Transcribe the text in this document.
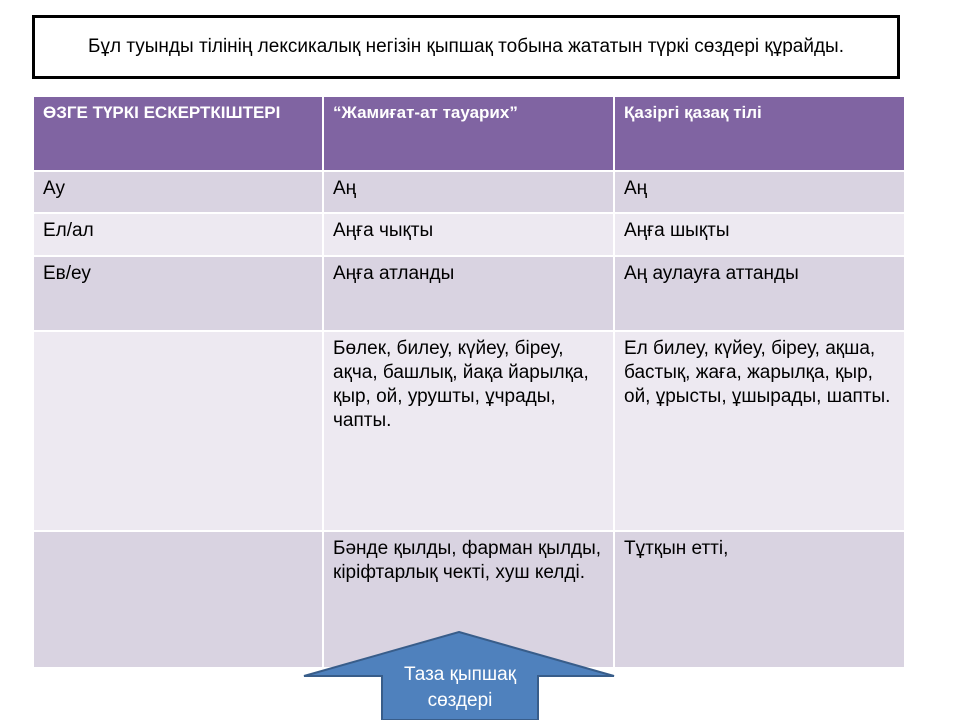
Бұл туынды тілінің лексикалық негізін қыпшақ тобына жататын түркі сөздері құрайды.
ӨЗГЕ ТҮРКІ ЕСКЕРТКІШТЕРІ	“Жамиғат-ат тауарих”	Қазіргі қазақ тілі
Ау	Аң	Аң
Ел/ал	Аңға чықты	Аңға шықты
Ев/еу	Аңға атланды	Аң аулауға аттанды
	Бөлек, билеу, күйеу, біреу, ақча, башлық, йақа йарылқа, қыр, ой, урушты, ұчрады, чапты.	Ел билеу, күйеу, біреу, ақша, бастық, жаға, жарылқа, қыр, ой, ұрысты, ұшырады, шапты.
	Бәнде қылды, фарман қылды, кіріфтарлық чекті, хуш келді.	Тұтқын етті,
Таза қыпшақ сөздері
